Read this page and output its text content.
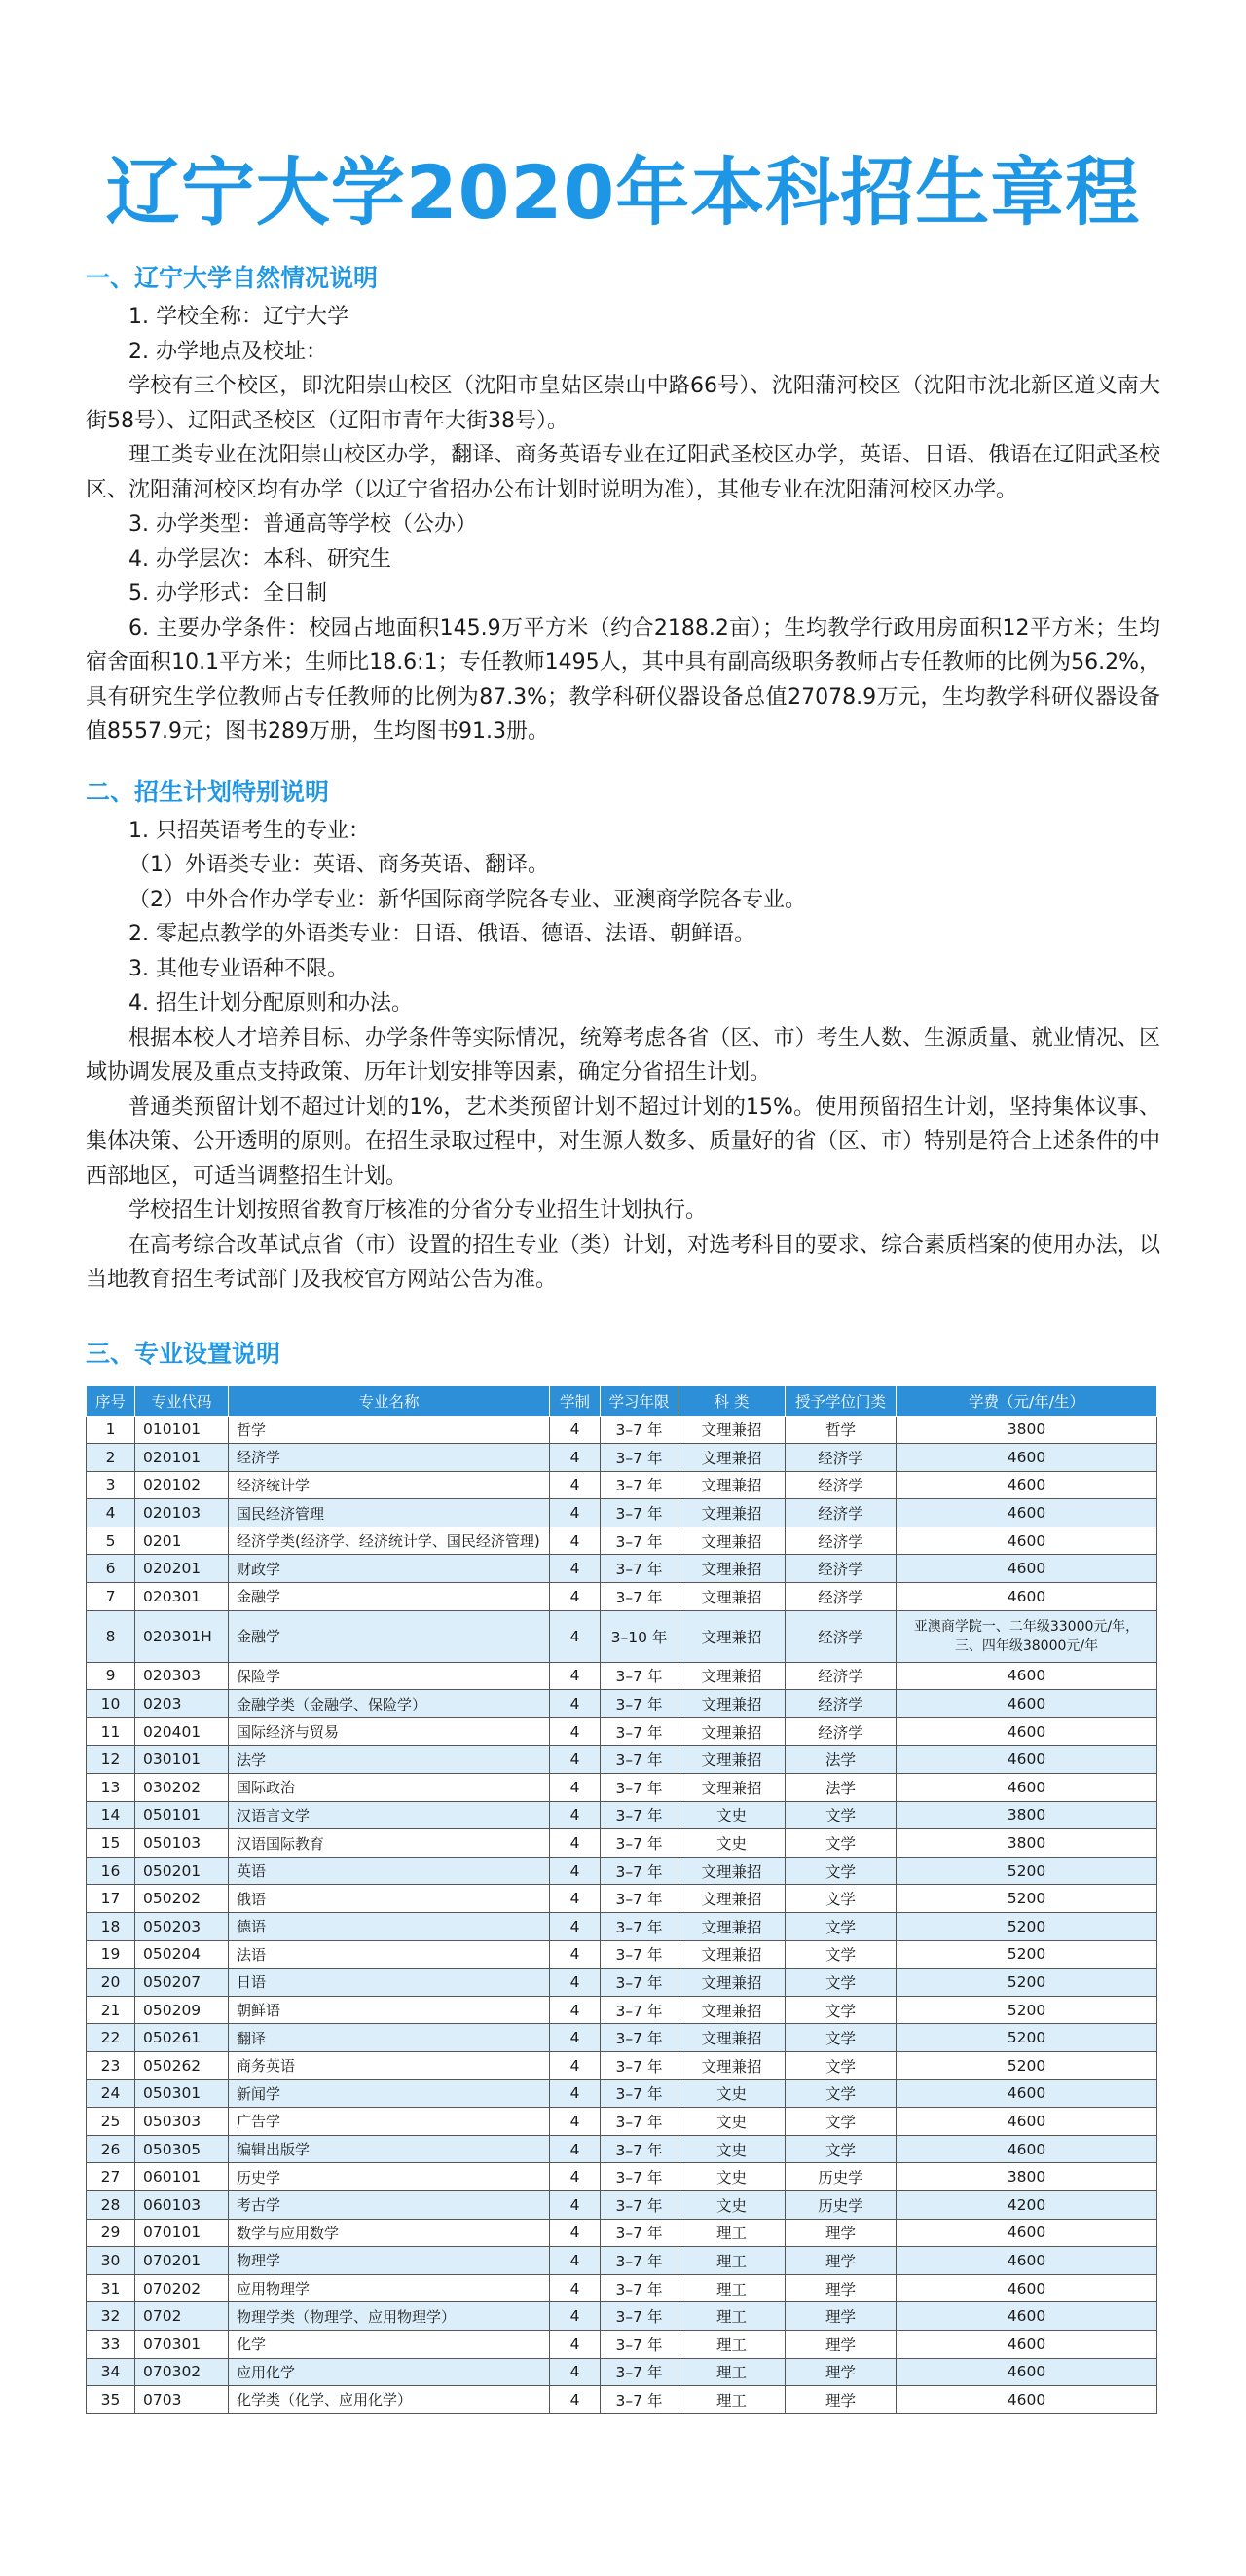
辽宁大学2020年本科招生章程
一、辽宁大学自然情况说明

1. 学校全称：辽宁大学

2. 办学地点及校址：

学校有三个校区，即沈阳崇山校区（沈阳市皇姑区崇山中路66号）、沈阳蒲河校区（沈阳市沈北新区道义南大街58号）、辽阳武圣校区（辽阳市青年大街38号）。

理工类专业在沈阳崇山校区办学，翻译、商务英语专业在辽阳武圣校区办学，英语、日语、俄语在辽阳武圣校区、沈阳蒲河校区均有办学（以辽宁省招办公布计划时说明为准），其他专业在沈阳蒲河校区办学。

3. 办学类型：普通高等学校（公办）

4. 办学层次：本科、研究生

5. 办学形式：全日制

6. 主要办学条件：校园占地面积145.9万平方米（约合2188.2亩）；生均教学行政用房面积12平方米；生均宿舍面积10.1平方米；生师比18.6:1；专任教师1495人，其中具有副高级职务教师占专任教师的比例为56.2%，具有研究生学位教师占专任教师的比例为87.3%；教学科研仪器设备总值27078.9万元，生均教学科研仪器设备值8557.9元；图书289万册，生均图书91.3册。

二、招生计划特别说明

1. 只招英语考生的专业：

（1）外语类专业：英语、商务英语、翻译。

（2）中外合作办学专业：新华国际商学院各专业、亚澳商学院各专业。

2. 零起点教学的外语类专业：日语、俄语、德语、法语、朝鲜语。

3. 其他专业语种不限。

4. 招生计划分配原则和办法。

根据本校人才培养目标、办学条件等实际情况，统筹考虑各省（区、市）考生人数、生源质量、就业情况、区域协调发展及重点支持政策、历年计划安排等因素，确定分省招生计划。

普通类预留计划不超过计划的1%，艺术类预留计划不超过计划的15%。使用预留招生计划，坚持集体议事、集体决策、公开透明的原则。在招生录取过程中，对生源人数多、质量好的省（区、市）特别是符合上述条件的中西部地区，可适当调整招生计划。

学校招生计划按照省教育厅核准的分省分专业招生计划执行。

在高考综合改革试点省（市）设置的招生专业（类）计划，对选考科目的要求、综合素质档案的使用办法，以当地教育招生考试部门及我校官方网站公告为准。

三、专业设置说明
序号	专业代码	专业名称	学制	学习年限	科 类	授予学位门类	学费（元/年/生）
1	010101	哲学	4	3–7 年	文理兼招	哲学	3800
2	020101	经济学	4	3–7 年	文理兼招	经济学	4600
3	020102	经济统计学	4	3–7 年	文理兼招	经济学	4600
4	020103	国民经济管理	4	3–7 年	文理兼招	经济学	4600
5	0201	经济学类(经济学、经济统计学、国民经济管理)	4	3–7 年	文理兼招	经济学	4600
6	020201	财政学	4	3–7 年	文理兼招	经济学	4600
7	020301	金融学	4	3–7 年	文理兼招	经济学	4600
8	020301H	金融学	4	3–10 年	文理兼招	经济学	亚澳商学院一、二年级33000元/年，三、四年级38000元/年
9	020303	保险学	4	3–7 年	文理兼招	经济学	4600
10	0203	金融学类（金融学、保险学）	4	3–7 年	文理兼招	经济学	4600
11	020401	国际经济与贸易	4	3–7 年	文理兼招	经济学	4600
12	030101	法学	4	3–7 年	文理兼招	法学	4600
13	030202	国际政治	4	3–7 年	文理兼招	法学	4600
14	050101	汉语言文学	4	3–7 年	文史	文学	3800
15	050103	汉语国际教育	4	3–7 年	文史	文学	3800
16	050201	英语	4	3–7 年	文理兼招	文学	5200
17	050202	俄语	4	3–7 年	文理兼招	文学	5200
18	050203	德语	4	3–7 年	文理兼招	文学	5200
19	050204	法语	4	3–7 年	文理兼招	文学	5200
20	050207	日语	4	3–7 年	文理兼招	文学	5200
21	050209	朝鲜语	4	3–7 年	文理兼招	文学	5200
22	050261	翻译	4	3–7 年	文理兼招	文学	5200
23	050262	商务英语	4	3–7 年	文理兼招	文学	5200
24	050301	新闻学	4	3–7 年	文史	文学	4600
25	050303	广告学	4	3–7 年	文史	文学	4600
26	050305	编辑出版学	4	3–7 年	文史	文学	4600
27	060101	历史学	4	3–7 年	文史	历史学	3800
28	060103	考古学	4	3–7 年	文史	历史学	4200
29	070101	数学与应用数学	4	3–7 年	理工	理学	4600
30	070201	物理学	4	3–7 年	理工	理学	4600
31	070202	应用物理学	4	3–7 年	理工	理学	4600
32	0702	物理学类（物理学、应用物理学）	4	3–7 年	理工	理学	4600
33	070301	化学	4	3–7 年	理工	理学	4600
34	070302	应用化学	4	3–7 年	理工	理学	4600
35	0703	化学类（化学、应用化学）	4	3–7 年	理工	理学	4600
